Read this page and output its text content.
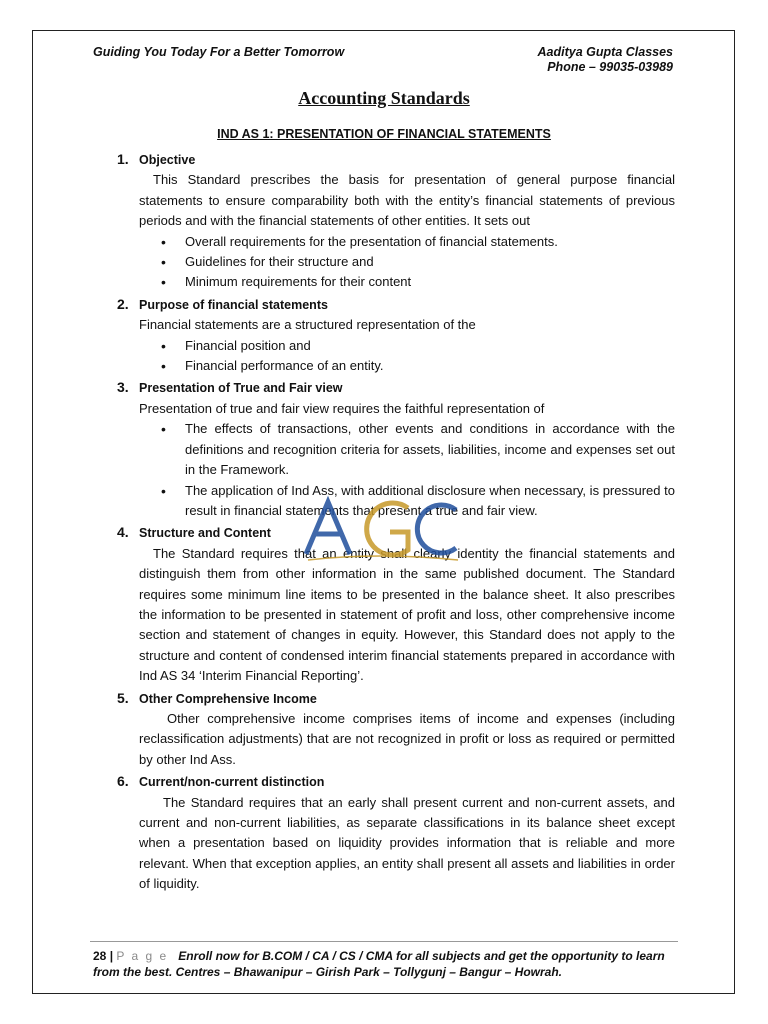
Guiding You Today For a Better Tomorrow	Aaditya Gupta Classes
Phone – 99035-03989
Accounting Standards
IND AS 1: PRESENTATION OF FINANCIAL STATEMENTS
1. Objective
This Standard prescribes the basis for presentation of general purpose financial statements to ensure comparability both with the entity’s financial statements of previous periods and with the financial statements of other entities. It sets out
• Overall requirements for the presentation of financial statements.
• Guidelines for their structure and
• Minimum requirements for their content
2. Purpose of financial statements
Financial statements are a structured representation of the
• Financial position and
• Financial performance of an entity.
3. Presentation of True and Fair view
Presentation of true and fair view requires the faithful representation of
• The effects of transactions, other events and conditions in accordance with the definitions and recognition criteria for assets, liabilities, income and expenses set out in the Framework.
• The application of Ind Ass, with additional disclosure when necessary, is pressured to result in financial statements that present a true and fair view.
4. Structure and Content
The Standard requires that an entity shall clearly identity the financial statements and distinguish them from other information in the same published document. The Standard requires some minimum line items to be presented in the balance sheet. It also prescribes the information to be presented in statement of profit and loss, other comprehensive income section and statement of changes in equity. However, this Standard does not apply to the structure and content of condensed interim financial statements prepared in accordance with Ind AS 34 ‘Interim Financial Reporting’.
5. Other Comprehensive Income
Other comprehensive income comprises items of income and expenses (including reclassification adjustments) that are not recognized in profit or loss as required or permitted by other Ind Ass.
6. Current/non-current distinction
The Standard requires that an early shall present current and non-current assets, and current and non-current liabilities, as separate classifications in its balance sheet except when a presentation based on liquidity provides information that is reliable and more relevant. When that exception applies, an entity shall present all assets and liabilities in order of liquidity.
28 | P a g e Enroll now for B.COM / CA / CS / CMA for all subjects and get the opportunity to learn from the best. Centres – Bhawanipur – Girish Park – Tollygunj – Bangur – Howrah.
